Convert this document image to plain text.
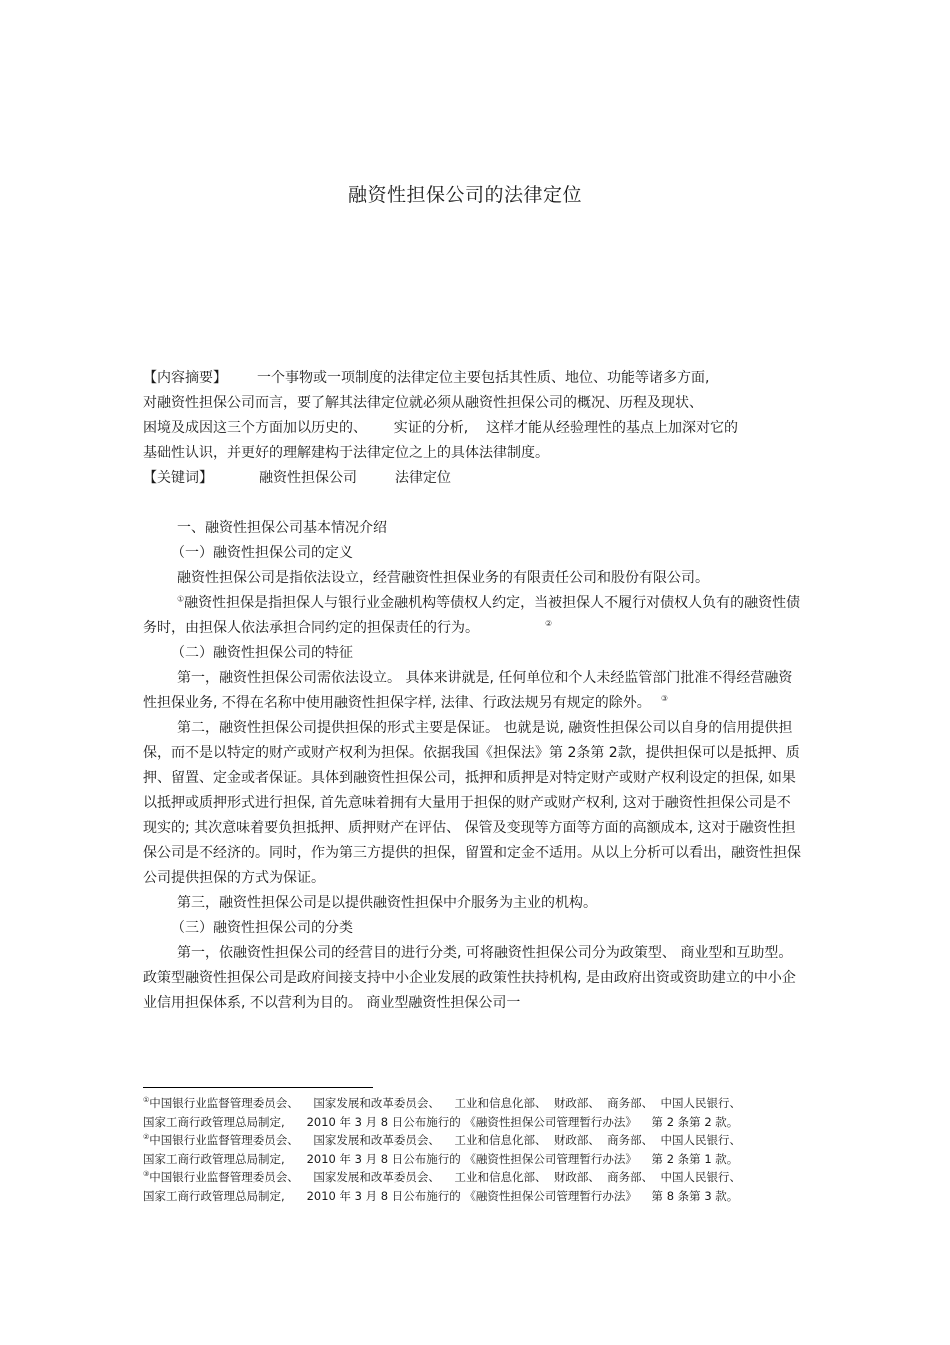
融资性担保公司的法律定位

【内容摘要】 一个事物或一项制度的法律定位主要包括其性质、地位、功能等诸多方面,

对融资性担保公司而言，要了解其法律定位就必须从融资性担保公司的概况、历程及现状、

困境及成因这三个方面加以历史的、      实证的分析,    这样才能从经验理性的基点上加深对它的

基础性认识，并更好的理解建构于法律定位之上的具体法律制度。

【关键词】	融资性担保公司	法律定位

一、融资性担保公司基本情况介绍

（一）融资性担保公司的定义

融资性担保公司是指依法设立，经营融资性担保业务的有限责任公司和股份有限公司。

①融资性担保是指担保人与银行业金融机构等债权人约定，当被担保人不履行对债权人负有的融资性债务时，由担保人依法承担合同约定的担保责任的行为。	②

（二）融资性担保公司的特征

第一，融资性担保公司需依法设立。 具体来讲就是, 任何单位和个人未经监管部门批准不得经营融资性担保业务, 不得在名称中使用融资性担保字样, 法律、行政法规另有规定的除外。 ③

第二，融资性担保公司提供担保的形式主要是保证。 也就是说, 融资性担保公司以自身的信用提供担保，而不是以特定的财产或财产权利为担保。依据我国《担保法》第 2条第 2款，提供担保可以是抵押、质押、留置、定金或者保证。具体到融资性担保公司，抵押和质押是对特定财产或财产权利设定的担保, 如果以抵押或质押形式进行担保, 首先意味着拥有大量用于担保的财产或财产权利, 这对于融资性担保公司是不现实的; 其次意味着要负担抵押、质押财产在评估、 保管及变现等方面等方面的高额成本, 这对于融资性担保公司是不经济的。同时，作为第三方提供的担保，留置和定金不适用。从以上分析可以看出，融资性担保公司提供担保的方式为保证。

第三，融资性担保公司是以提供融资性担保中介服务为主业的机构。

（三）融资性担保公司的分类

第一，依融资性担保公司的经营目的进行分类, 可将融资性担保公司分为政策型、 商业型和互助型。 政策型融资性担保公司是政府间接支持中小企业发展的政策性扶持机构, 是由政府出资或资助建立的中小企业信用担保体系, 不以营利为目的。 商业型融资性担保公司一

①中国银行业监督管理委员会、    国家发展和改革委员会、    工业和信息化部、  财政部、  商务部、  中国人民银行、

国家工商行政管理总局制定,      2010 年 3 月 8 日公布施行的 《融资性担保公司管理暂行办法》    第 2 条第 2 款。

②中国银行业监督管理委员会、    国家发展和改革委员会、    工业和信息化部、  财政部、  商务部、  中国人民银行、

国家工商行政管理总局制定,      2010 年 3 月 8 日公布施行的 《融资性担保公司管理暂行办法》    第 2 条第 1 款。

③中国银行业监督管理委员会、    国家发展和改革委员会、    工业和信息化部、  财政部、  商务部、  中国人民银行、

国家工商行政管理总局制定,      2010 年 3 月 8 日公布施行的 《融资性担保公司管理暂行办法》    第 8 条第 3 款。
